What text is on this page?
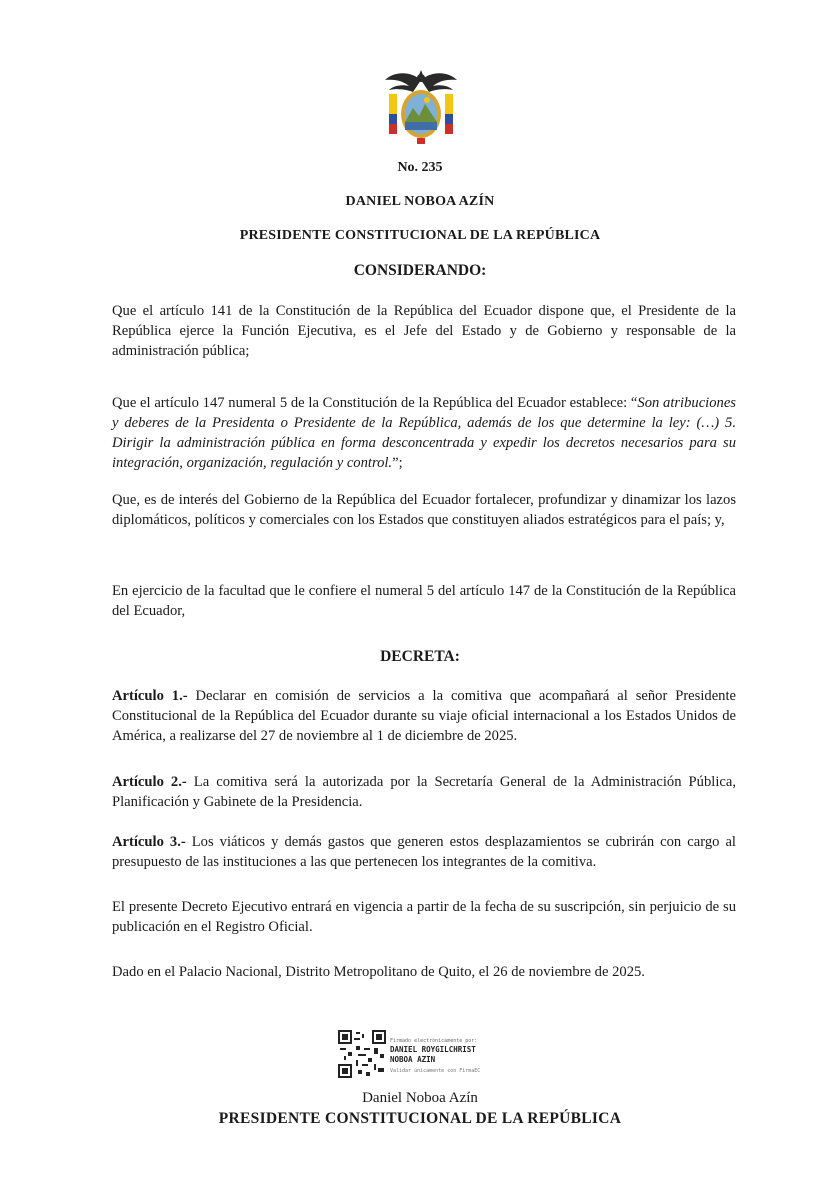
No. 235
DANIEL NOBOA AZÍN
PRESIDENTE CONSTITUCIONAL DE LA REPÚBLICA
CONSIDERANDO:

Que el artículo 141 de la Constitución de la República del Ecuador dispone que, el Presidente de la República ejerce la Función Ejecutiva, es el Jefe del Estado y de Gobierno y responsable de la administración pública;

Que el artículo 147 numeral 5 de la Constitución de la República del Ecuador establece: “Son atribuciones y deberes de la Presidenta o Presidente de la República, además de los que determine la ley: (…) 5. Dirigir la administración pública en forma desconcentrada y expedir los decretos necesarios para su integración, organización, regulación y control.”;

Que, es de interés del Gobierno de la República del Ecuador fortalecer, profundizar y dinamizar los lazos diplomáticos, políticos y comerciales con los Estados que constituyen aliados estratégicos para el país; y,

En ejercicio de la facultad que le confiere el numeral 5 del artículo 147 de la Constitución de la República del Ecuador,

DECRETA:

Artículo 1.- Declarar en comisión de servicios a la comitiva que acompañará al señor Presidente Constitucional de la República del Ecuador durante su viaje oficial internacional a los Estados Unidos de América, a realizarse del 27 de noviembre al 1 de diciembre de 2025.

Artículo 2.- La comitiva será la autorizada por la Secretaría General de la Administración Pública, Planificación y Gabinete de la Presidencia.

Artículo 3.- Los viáticos y demás gastos que generen estos desplazamientos se cubrirán con cargo al presupuesto de las instituciones a las que pertenecen los integrantes de la comitiva.

El presente Decreto Ejecutivo entrará en vigencia a partir de la fecha de su suscripción, sin perjuicio de su publicación en el Registro Oficial.

Dado en el Palacio Nacional, Distrito Metropolitano de Quito, el 26 de noviembre de 2025.

Firmado electrónicamente por:
DANIEL ROYGILCHRIST
NOBOA AZIN
Validar únicamente con FirmaEC
Daniel Noboa Azín
PRESIDENTE CONSTITUCIONAL DE LA REPÚBLICA
